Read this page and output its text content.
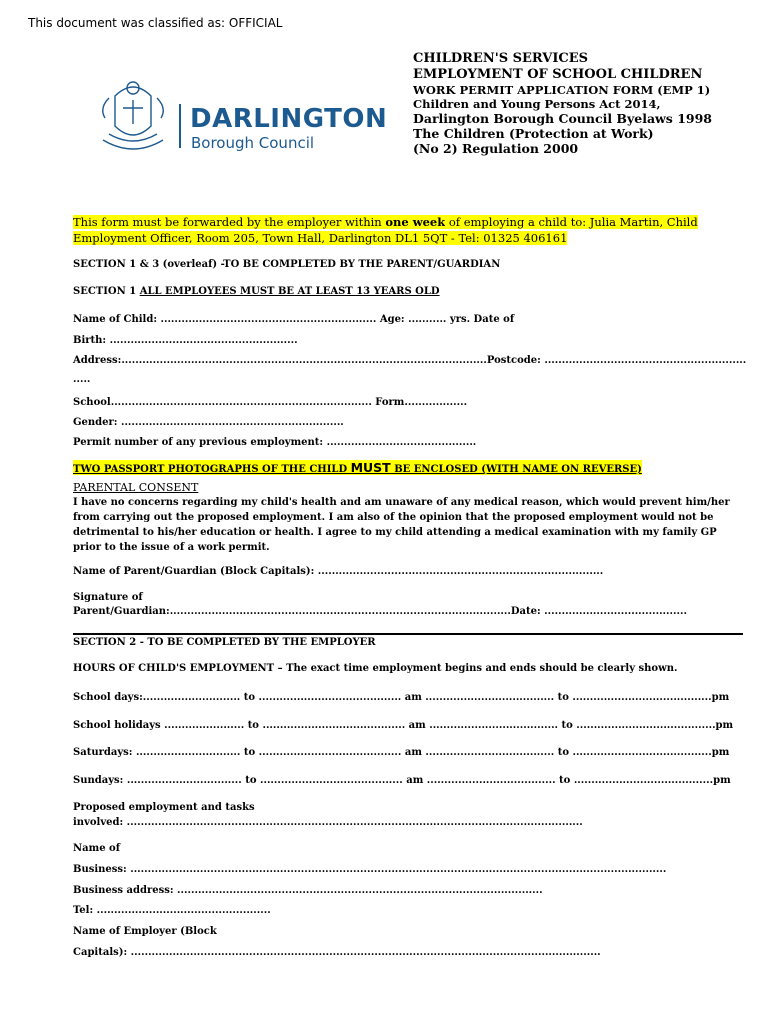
This document was classified as: OFFICIAL
DARLINGTON
Borough Council
CHILDREN'S SERVICES
EMPLOYMENT OF SCHOOL CHILDREN
WORK PERMIT APPLICATION FORM (EMP 1)
Children and Young Persons Act 2014,
Darlington Borough Council Byelaws 1998
The Children (Protection at Work)
(No 2) Regulation 2000
This form must be forwarded by the employer within one week of employing a child to: Julia Martin, Child Employment Officer, Room 205, Town Hall, Darlington DL1 5QT - Tel: 01325 406161
SECTION 1 & 3 (overleaf) -TO BE COMPLETED BY THE PARENT/GUARDIAN
SECTION 1 ALL EMPLOYEES MUST BE AT LEAST 13 YEARS OLD
Name of Child: .............................................................. Age: ........... yrs. Date of
Birth: ......................................................
Address:.........................................................................................................Postcode: ..........................................................
.....
School........................................................................... Form..................
Gender: ................................................................
Permit number of any previous employment: ...........................................
TWO PASSPORT PHOTOGRAPHS OF THE CHILD MUST BE ENCLOSED (WITH NAME ON REVERSE)
PARENTAL CONSENT
I have no concerns regarding my child's health and am unaware of any medical reason, which would prevent him/her from carrying out the proposed employment. I am also of the opinion that the proposed employment would not be detrimental to his/her education or health. I agree to my child attending a medical examination with my family GP prior to the issue of a work permit.
Name of Parent/Guardian (Block Capitals): ..................................................................................
Signature of
Parent/Guardian:..................................................................................................Date: .........................................
SECTION 2 - TO BE COMPLETED BY THE EMPLOYER
HOURS OF CHILD'S EMPLOYMENT – The exact time employment begins and ends should be clearly shown.
School days:............................ to ......................................... am ..................................... to ........................................pm
School holidays ....................... to ......................................... am ..................................... to ........................................pm
Saturdays: .............................. to ......................................... am ..................................... to ........................................pm
Sundays: ................................. to ......................................... am ..................................... to ........................................pm
Proposed employment and tasks
involved: ...................................................................................................................................
Name of
Business: ..........................................................................................................................................................
Business address: .........................................................................................................
Tel: ..................................................
Name of Employer (Block
Capitals): .......................................................................................................................................
